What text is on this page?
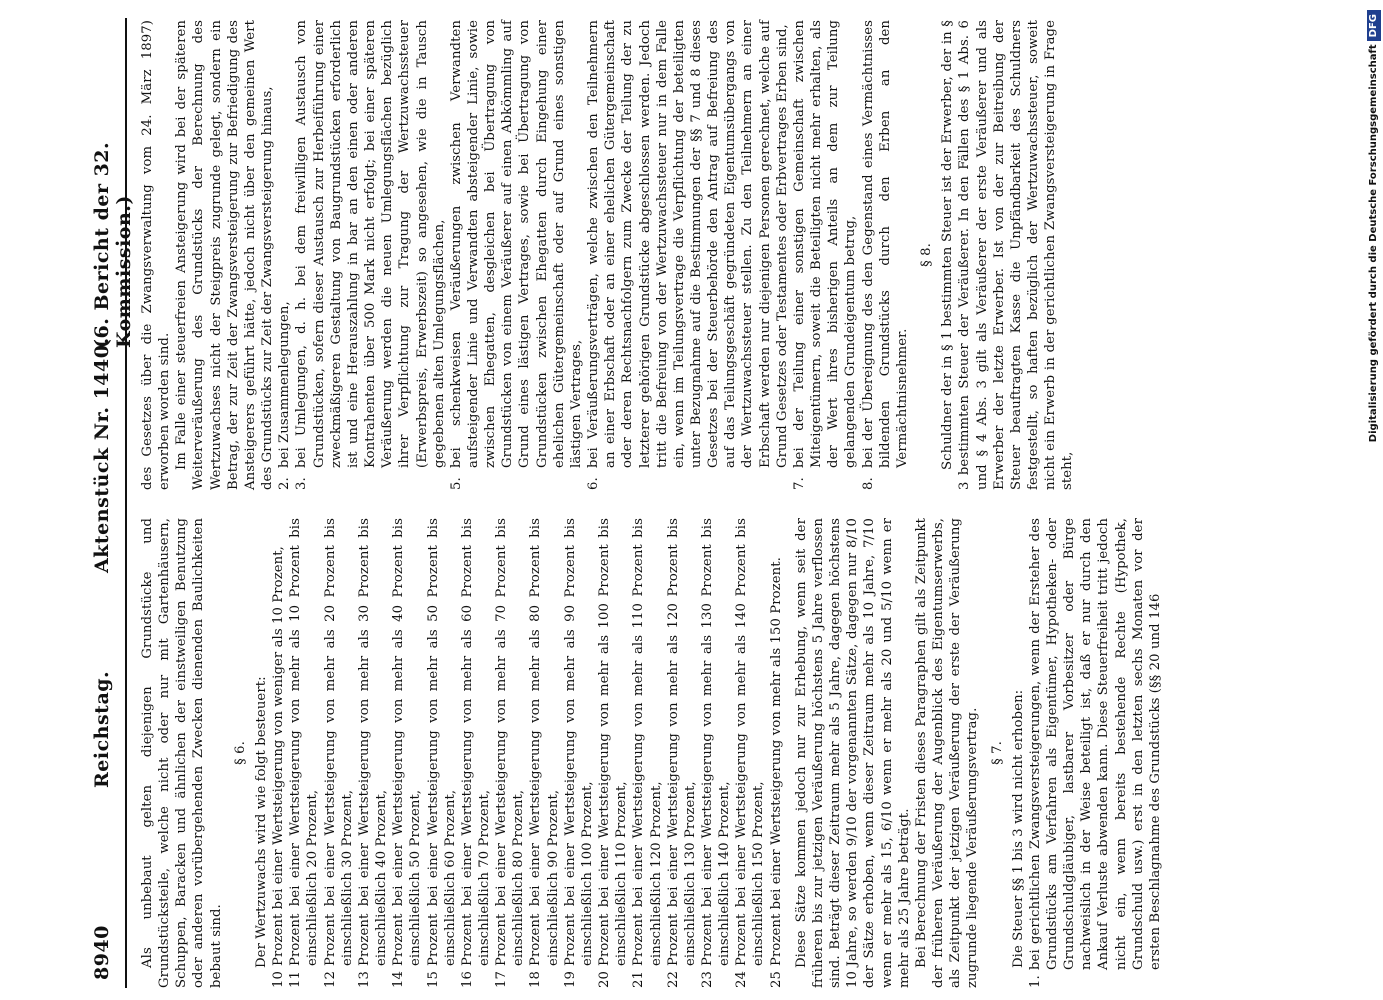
8940
Reichstag.
Aktenstück Nr. 1440.
(6. Bericht der 32. Kommission.)

Als unbebaut gelten diejenigen Grundstücke und Grundstücksteile, welche nicht oder nur mit Gartenhäusern, Schuppen, Baracken und ähnlichen der einstweiligen Benutzung oder anderen vorübergehenden Zwecken dienenden Baulichkeiten bebaut sind.

§ 6. Der Wertzuwachs wird wie folgt besteuert:

10
Prozent bei einer Wertsteigerung von weniger als 10 Prozent,
11
Prozent bei einer Wertsteigerung von mehr als 10 Prozent bis einschließlich 20 Prozent,
12
Prozent bei einer Wertsteigerung von mehr als 20 Prozent bis einschließlich 30 Prozent,
13
Prozent bei einer Wertsteigerung von mehr als 30 Prozent bis einschließlich 40 Prozent,
14
Prozent bei einer Wertsteigerung von mehr als 40 Prozent bis einschließlich 50 Prozent,
15
Prozent bei einer Wertsteigerung von mehr als 50 Prozent bis einschließlich 60 Prozent,
16
Prozent bei einer Wertsteigerung von mehr als 60 Prozent bis einschließlich 70 Prozent,
17
Prozent bei einer Wertsteigerung von mehr als 70 Prozent bis einschließlich 80 Prozent,
18
Prozent bei einer Wertsteigerung von mehr als 80 Prozent bis einschließlich 90 Prozent,
19
Prozent bei einer Wertsteigerung von mehr als 90 Prozent bis einschließlich 100 Prozent,
20
Prozent bei einer Wertsteigerung von mehr als 100 Prozent bis einschließlich 110 Prozent,
21
Prozent bei einer Wertsteigerung von mehr als 110 Prozent bis einschließlich 120 Prozent,
22
Prozent bei einer Wertsteigerung von mehr als 120 Prozent bis einschließlich 130 Prozent,
23
Prozent bei einer Wertsteigerung von mehr als 130 Prozent bis einschließlich 140 Prozent,
24
Prozent bei einer Wertsteigerung von mehr als 140 Prozent bis einschließlich 150 Prozent,
25
Prozent bei einer Wertsteigerung von mehr als 150 Prozent. Diese Sätze kommen jedoch nur zur Erhebung, wenn seit der früheren bis zur jetzigen Veräußerung höchstens 5 Jahre verflossen sind. Beträgt dieser Zeitraum mehr als 5 Jahre, dagegen höchstens 10 Jahre, so werden 9/10 der vorgenannten Sätze, dagegen nur 8/10 der Sätze erhoben, wenn dieser Zeitraum mehr als 10 Jahre, 7/10 wenn er mehr als 15, 6/10 wenn er mehr als 20 und 5/10 wenn er mehr als 25 Jahre beträgt. Bei Berechnung der Fristen dieses Paragraphen gilt als Zeitpunkt der früheren Veräußerung der Augenblick des Eigentumserwerbs, als Zeitpunkt der jetzigen Veräußerung der erste der Veräußerung zugrunde liegende Veräußerungsvertrag. § 7. Die Steuer §§ 1 bis 3 wird nicht erhoben:

1.
bei gerichtlichen Zwangsversteigerungen, wenn der Ersteher des Grundstücks am Verfahren als Eigentümer, Hypotheken- oder Grundschuldgläubiger, lastbarer Vorbesitzer oder Bürge nachweislich in der Weise beteiligt ist, daß er nur durch den Ankauf Verluste abwenden kann. Diese Steuerfreiheit tritt jedoch nicht ein, wenn bereits bestehende Rechte (Hypothek, Grundschuld usw.) erst in den letzten sechs Monaten vor der ersten Beschlagnahme des Grundstücks (§§ 20 und 146

des Gesetzes über die Zwangsverwaltung vom 24. März 1897) erworben worden sind. Im Falle einer steuerfreien Ansteigerung wird bei der späteren Weiterveräußerung des Grundstücks der Berechnung des Wertzuwachses nicht der Steigpreis zugrunde gelegt, sondern ein Betrag, der zur Zeit der Zwangsversteigerung zur Befriedigung des Ansteigerers geführt hätte, jedoch nicht über den gemeinen Wert des Grundstücks zur Zeit der Zwangsversteigerung hinaus, 2.
bei Zusammenlegungen,
3.
bei Umlegungen, d. h. bei dem freiwilligen Austausch von Grundstücken, sofern dieser Austausch zur Herbeiführung einer zweckmäßigeren Gestaltung von Baugrundstücken erforderlich ist und eine Herauszahlung in bar an den einen oder anderen Kontrahenten über 500 Mark nicht erfolgt; bei einer späteren Veräußerung werden die neuen Umlegungsflächen bezüglich ihrer Verpflichtung zur Tragung der Wertzuwachssteuer (Erwerbspreis, Erwerbszeit) so angesehen, wie die in Tausch gegebenen alten Umlegungsflächen,
5.
bei schenkweisen Veräußerungen zwischen Verwandten aufsteigender Linie und Verwandten absteigender Linie, sowie zwischen Ehegatten, desgleichen bei Übertragung von Grundstücken von einem Veräußerer auf einen Abkömmling auf Grund eines lästigen Vertrages, sowie bei Übertragung von Grundstücken zwischen Ehegatten durch Eingehung einer ehelichen Gütergemeinschaft oder auf Grund eines sonstigen lästigen Vertrages,
6.
bei Veräußerungsverträgen, welche zwischen den Teilnehmern an einer Erbschaft oder an einer ehelichen Gütergemeinschaft oder deren Rechtsnachfolgern zum Zwecke der Teilung der zu letzterer gehörigen Grundstücke abgeschlossen werden. Jedoch tritt die Befreiung von der Wertzuwachssteuer nur in dem Falle ein, wenn im Teilungsvertrage die Verpflichtung der beteiligten unter Bezugnahme auf die Bestimmungen der §§ 7 und 8 dieses Gesetzes bei der Steuerbehörde den Antrag auf Befreiung des auf das Teilungsgeschäft gegründeten Eigentumsübergangs von der Wertzuwachssteuer stellen. Zu den Teilnehmern an einer Erbschaft werden nur diejenigen Personen gerechnet, welche auf Grund Gesetzes oder Testamentes oder Erbvertrages Erben sind,
7.
bei der Teilung einer sonstigen Gemeinschaft zwischen Miteigentümern, soweit die Beteiligten nicht mehr erhalten, als der Wert ihres bisherigen Anteils an dem zur Teilung gelangenden Grundeigentum betrug,
8.
bei der Übereignung des den Gegenstand eines Vermächtnisses bildenden Grundstücks durch den Erben an den Vermächtnisnehmer.

§ 8. Schuldner der in § 1 bestimmten Steuer ist der Erwerber, der in § 3 bestimmten Steuer der Veräußerer. In den Fällen des § 1 Abs. 6 und § 4 Abs. 3 gilt als Veräußerer der erste Veräußerer und als Erwerber der letzte Erwerber. Ist von der zur Beitreibung der Steuer beauftragten Kasse die Unpfändbarkeit des Schuldners festgestellt, so haften bezüglich der Wertzuwachssteuer, soweit nicht ein Erwerb in der gerichtlichen Zwangsversteigerung in Frage steht,

Digitalisierung gefördert durch die Deutsche ForschungsgemeinschaftDFG
